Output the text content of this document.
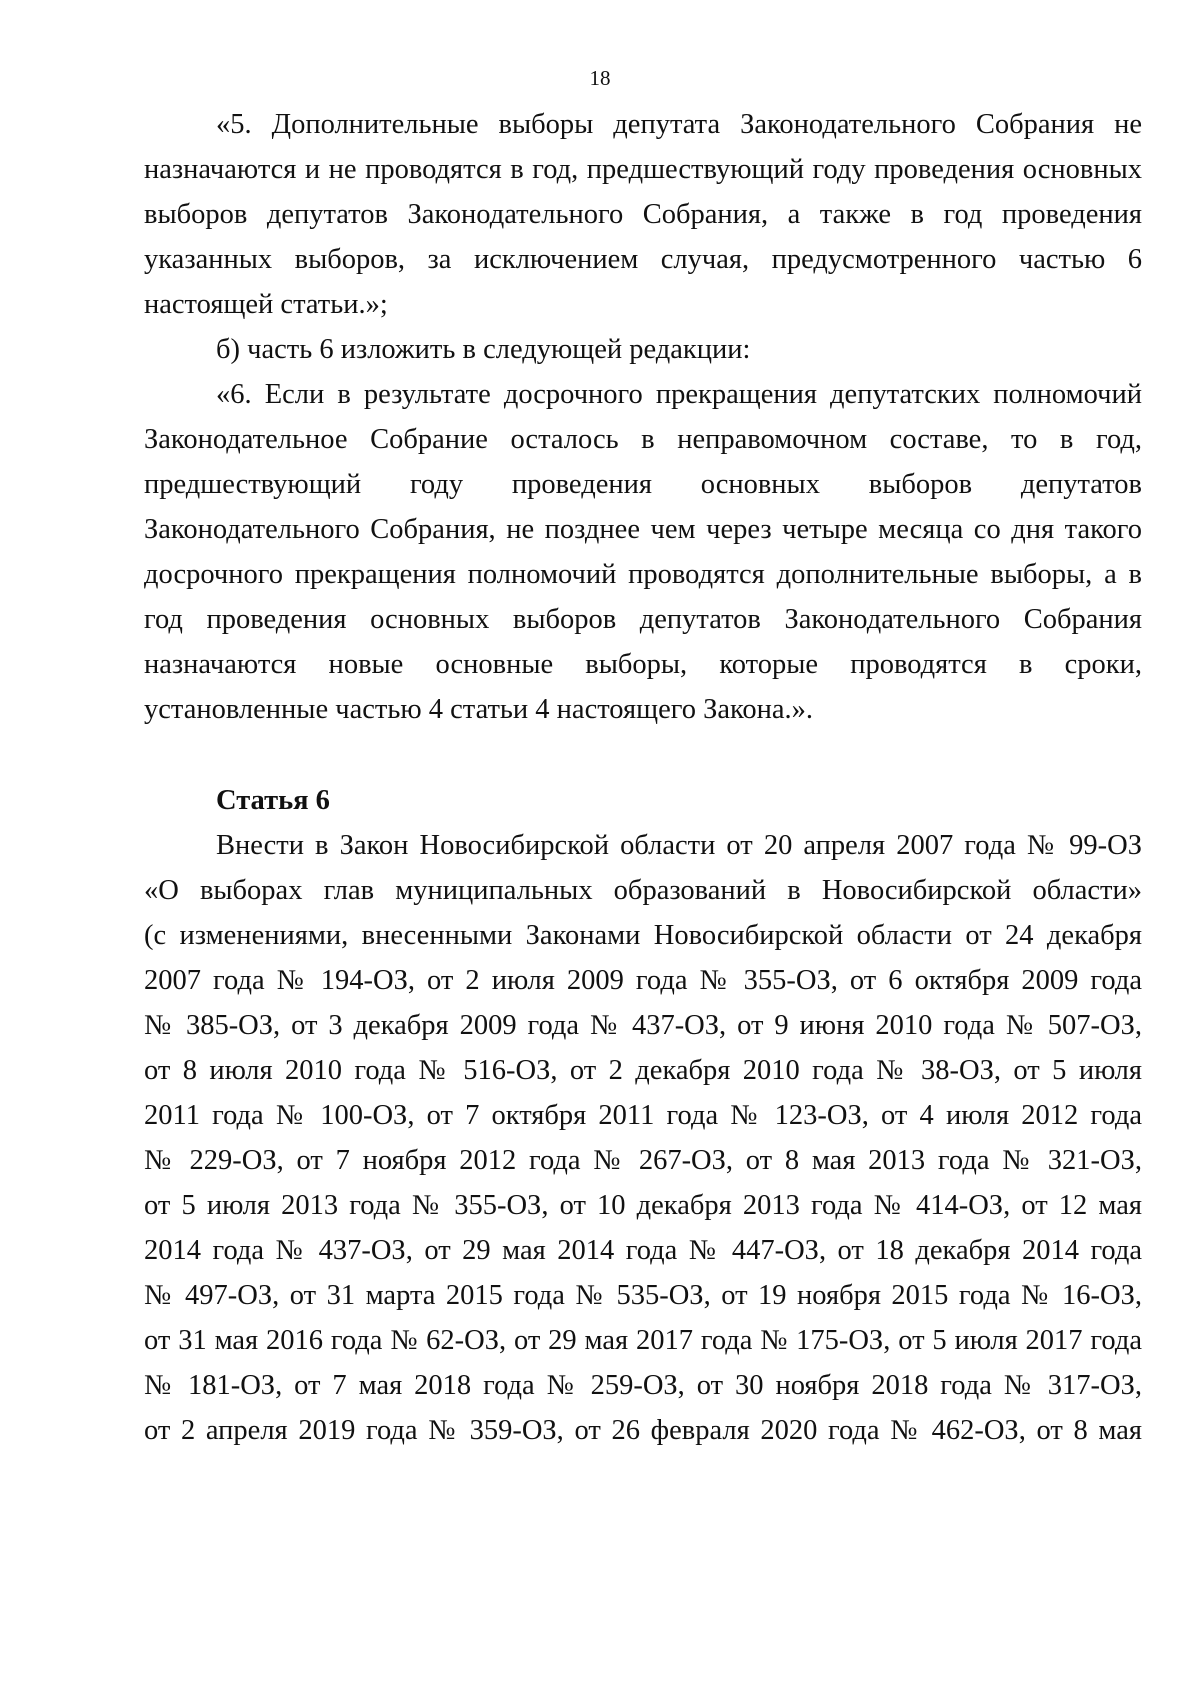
18
«5. Дополнительные выборы депутата Законодательного Собрания не
назначаются и не проводятся в год, предшествующий году проведения основных
выборов депутатов Законодательного Собрания, а также в год проведения
указанных выборов, за исключением случая, предусмотренного частью 6
настоящей статьи.»;
б) часть 6 изложить в следующей редакции:
«6. Если в результате досрочного прекращения депутатских полномочий
Законодательное Собрание осталось в неправомочном составе, то в год,
предшествующий году проведения основных выборов депутатов
Законодательного Собрания, не позднее чем через четыре месяца со дня такого
досрочного прекращения полномочий проводятся дополнительные выборы, а в
год проведения основных выборов депутатов Законодательного Собрания
назначаются новые основные выборы, которые проводятся в сроки,
установленные частью 4 статьи 4 настоящего Закона.».
Статья 6
Внести в Закон Новосибирской области от 20 апреля 2007 года № 99-ОЗ
«О выборах глав муниципальных образований в Новосибирской области»
(с изменениями, внесенными Законами Новосибирской области от 24 декабря
2007 года № 194-ОЗ, от 2 июля 2009 года № 355-ОЗ, от 6 октября 2009 года
№ 385-ОЗ, от 3 декабря 2009 года № 437-ОЗ, от 9 июня 2010 года № 507-ОЗ,
от 8 июля 2010 года № 516-ОЗ, от 2 декабря 2010 года № 38-ОЗ, от 5 июля
2011 года № 100-ОЗ, от 7 октября 2011 года № 123-ОЗ, от 4 июля 2012 года
№ 229-ОЗ, от 7 ноября 2012 года № 267-ОЗ, от 8 мая 2013 года № 321-ОЗ,
от 5 июля 2013 года № 355-ОЗ, от 10 декабря 2013 года № 414-ОЗ, от 12 мая
2014 года № 437-ОЗ, от 29 мая 2014 года № 447-ОЗ, от 18 декабря 2014 года
№ 497-ОЗ, от 31 марта 2015 года № 535-ОЗ, от 19 ноября 2015 года № 16-ОЗ,
от 31 мая 2016 года № 62-ОЗ, от 29 мая 2017 года № 175-ОЗ, от 5 июля 2017 года
№ 181-ОЗ, от 7 мая 2018 года № 259-ОЗ, от 30 ноября 2018 года № 317-ОЗ,
от 2 апреля 2019 года № 359-ОЗ, от 26 февраля 2020 года № 462-ОЗ, от 8 мая
